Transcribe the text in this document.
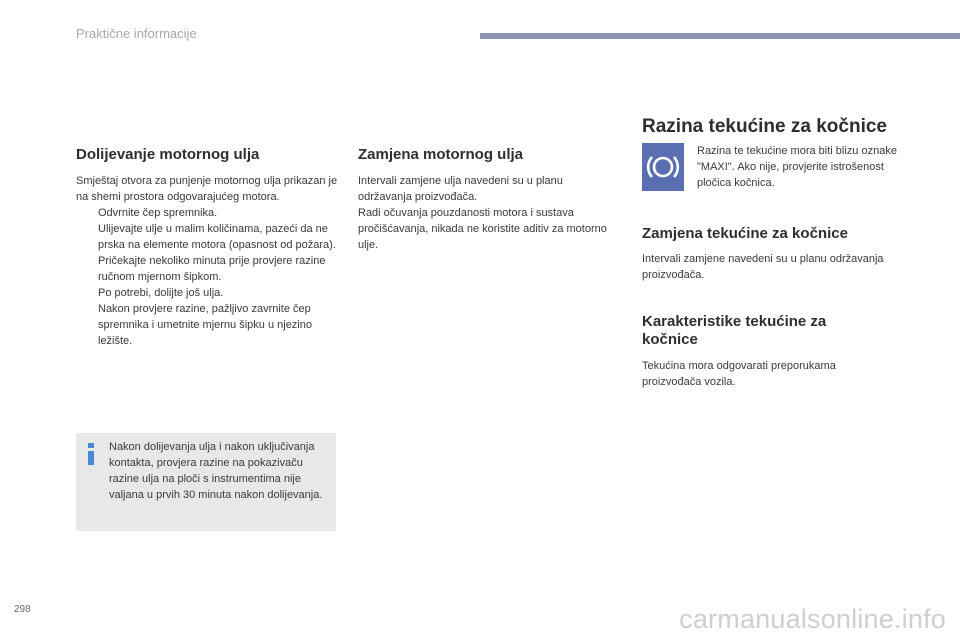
Praktične informacije
Dolijevanje motornog ulja

Smještaj otvora za punjenje motornog ulja prikazan je na shemi prostora odgovarajućeg motora.

Odvrnite čep spremnika.
Ulijevajte ulje u malim količinama, pazeći da ne prska na elemente motora (opasnost od požara).
Pričekajte nekoliko minuta prije provjere razine ručnom mjernom šipkom.
Po potrebi, dolijte još ulja.
Nakon provjere razine, pažljivo zavrnite čep spremnika i umetnite mjernu šipku u njezino ležište.

Nakon dolijevanja ulja i nakon uključivanja kontakta, provjera razine na pokazivaču razine ulja na ploči s instrumentima nije valjana u prvih 30 minuta nakon dolijevanja.

Zamjena motornog ulja

Intervali zamjene ulja navedeni su u planu održavanja proizvođača.

Radi očuvanja pouzdanosti motora i sustava pročišćavanja, nikada ne koristite aditiv za motorno ulje.

Razina tekućine za kočnice

Razina te tekućine mora biti blizu oznake "MAXI". Ako nije, provjerite istrošenost pločica kočnica.

Zamjena tekućine za kočnice

Intervali zamjene navedeni su u planu održavanja proizvođača.

Karakteristike tekućine za kočnice

Tekućina mora odgovarati preporukama proizvođača vozila.

298	carmanualsonline.info
